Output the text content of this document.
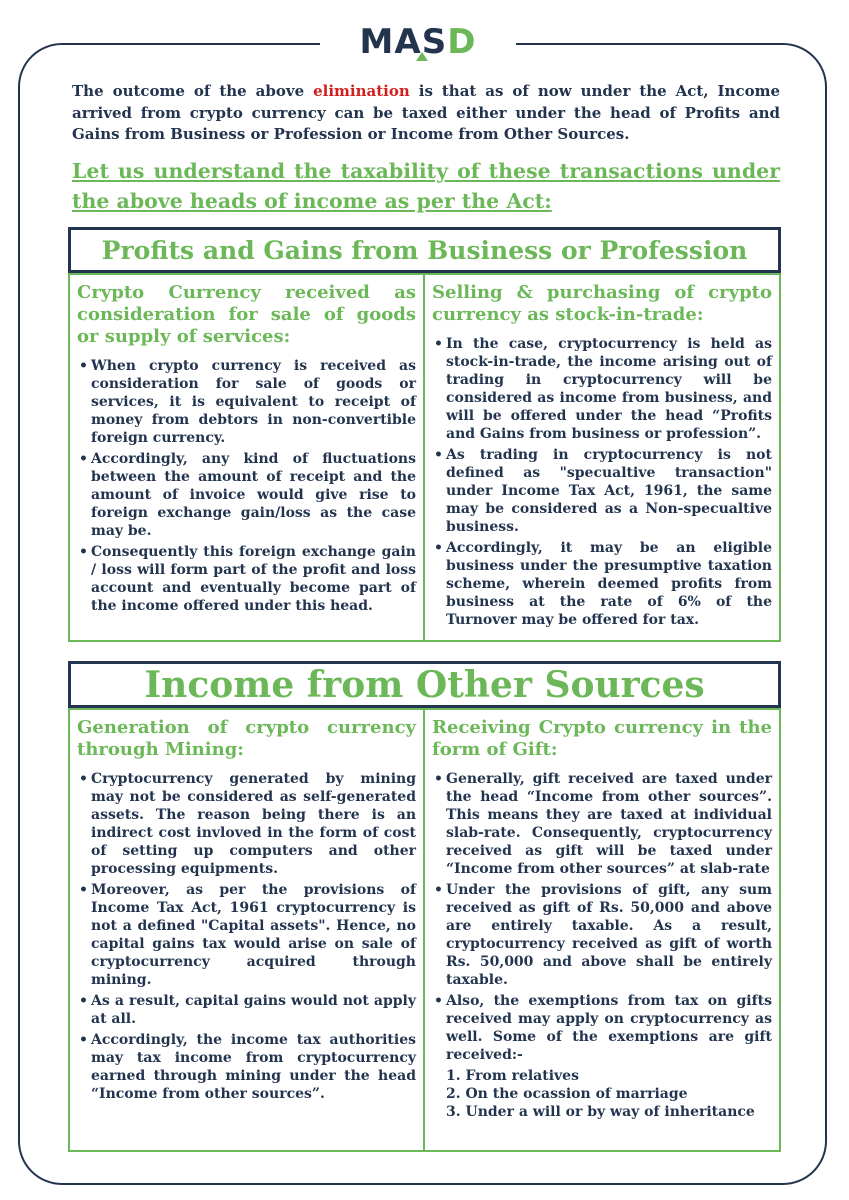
MA S D
The outcome of the above elimination is that as of now under the Act, Income arrived from crypto currency can be taxed either under the head of Profits and Gains from Business or Profession or Income from Other Sources.
Let us understand the taxability of these transactions under the above heads of income as per the Act:
Profits and Gains from Business or Profession
Crypto Currency received as consideration for sale of goods or supply of services:
• When crypto currency is received as consideration for sale of goods or services, it is equivalent to receipt of money from debtors in non-convertible foreign currency.
• Accordingly, any kind of fluctuations between the amount of receipt and the amount of invoice would give rise to foreign exchange gain/loss as the case may be.
• Consequently this foreign exchange gain / loss will form part of the profit and loss account and eventually become part of the income offered under this head.
Selling & purchasing of crypto currency as stock-in-trade:
• In the case, cryptocurrency is held as stock-in-trade, the income arising out of trading in cryptocurrency will be considered as income from business, and will be offered under the head “Profits and Gains from business or profession”.
• As trading in cryptocurrency is not defined as "specualtive transaction" under Income Tax Act, 1961, the same may be considered as a Non-specualtive business.
• Accordingly, it may be an eligible business under the presumptive taxation scheme, wherein deemed profits from business at the rate of 6% of the Turnover may be offered for tax.
Income from Other Sources
Generation of crypto currency through Mining:
• Cryptocurrency generated by mining may not be considered as self-generated assets. The reason being there is an indirect cost invloved in the form of cost of setting up computers and other processing equipments.
• Moreover, as per the provisions of Income Tax Act, 1961 cryptocurrency is not a defined "Capital assets". Hence, no capital gains tax would arise on sale of cryptocurrency acquired through mining.
• As a result, capital gains would not apply at all.
• Accordingly, the income tax authorities may tax income from cryptocurrency earned through mining under the head “Income from other sources”.
Receiving Crypto currency in the form of Gift:
• Generally, gift received are taxed under the head “Income from other sources”. This means they are taxed at individual slab-rate. Consequently, cryptocurrency received as gift will be taxed under “Income from other sources” at slab-rate
• Under the provisions of gift, any sum received as gift of Rs. 50,000 and above are entirely taxable. As a result, cryptocurrency received as gift of worth Rs. 50,000 and above shall be entirely taxable.
• Also, the exemptions from tax on gifts received may apply on cryptocurrency as well. Some of the exemptions are gift received:-
1. From relatives
2. On the ocassion of marriage
3. Under a will or by way of inheritance
